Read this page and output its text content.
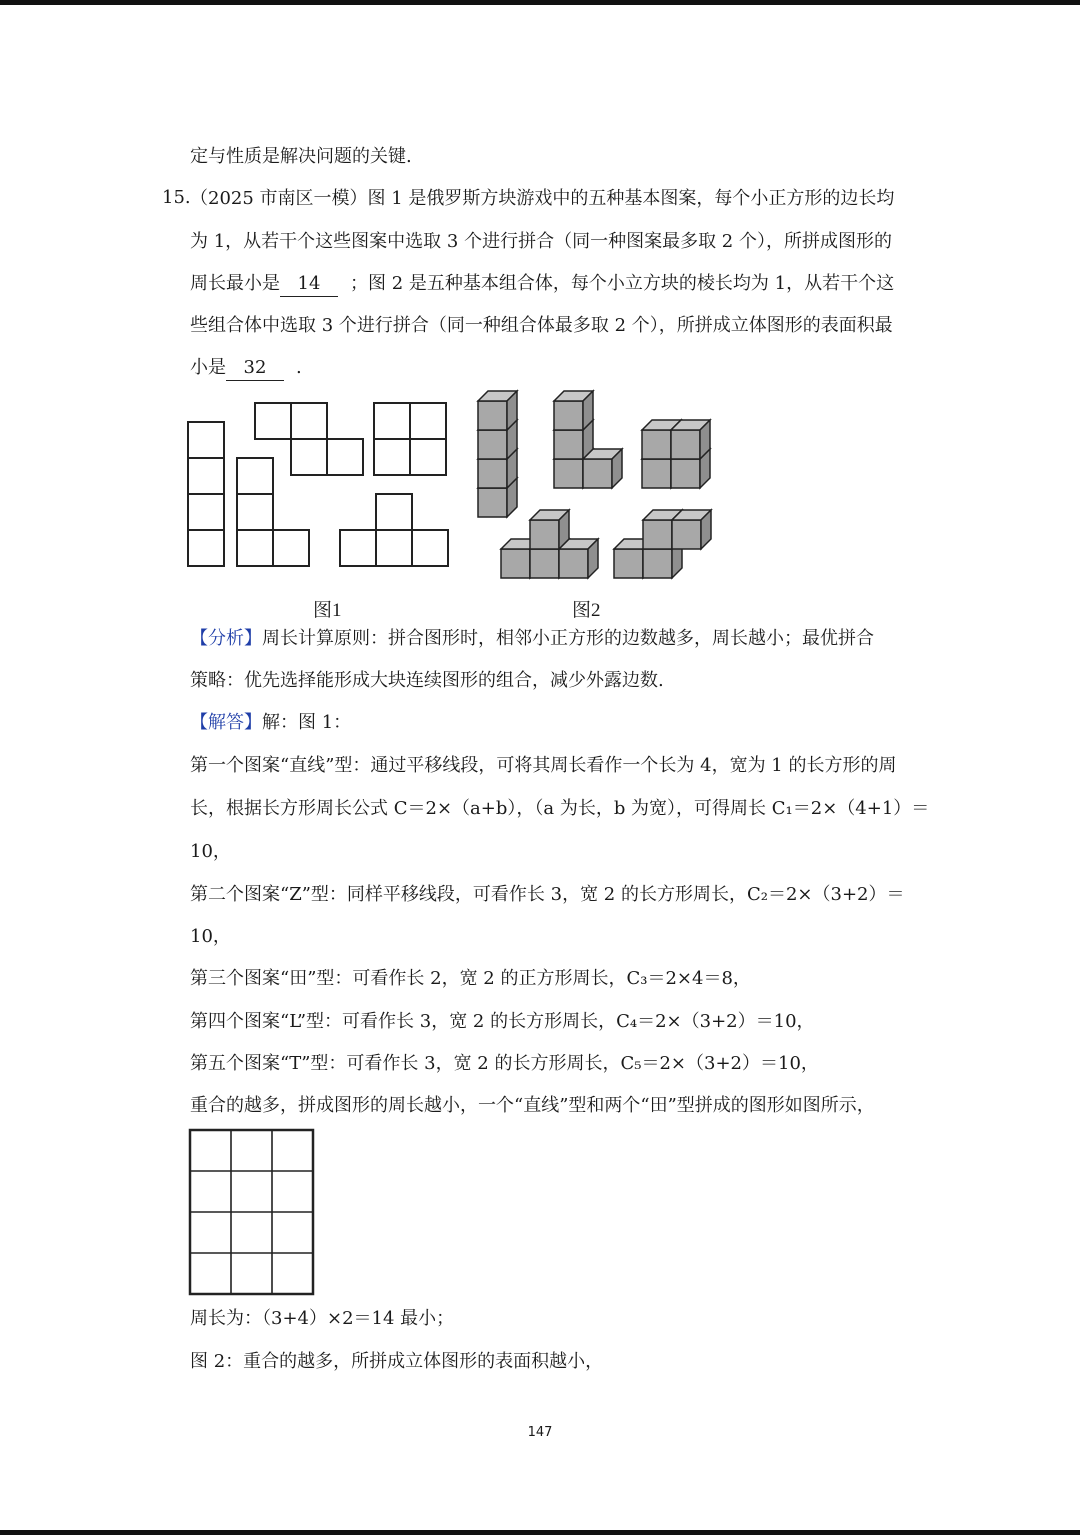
定与性质是解决问题的关键.
15. （2025 市南区一模）图 1 是俄罗斯方块游戏中的五种基本图案，每个小正方形的边长均
为 1，从若干个这些图案中选取 3 个进行拼合（同一种图案最多取 2 个），所拼成图形的
周长最小是 14 ；图 2 是五种基本组合体，每个小立方块的棱长均为 1，从若干个这
些组合体中选取 3 个进行拼合（同一种组合体最多取 2 个），所拼成立体图形的表面积最
小是 32 .
图1	图2
【分析】周长计算原则：拼合图形时，相邻小正方形的边数越多，周长越小；最优拼合
策略：优先选择能形成大块连续图形的组合，减少外露边数.
【解答】解：图 1：
第一个图案“直线”型：通过平移线段，可将其周长看作一个长为 4，宽为 1 的长方形的周
长，根据长方形周长公式 C＝2×（a+b），（a 为长，b 为宽），可得周长 C₁＝2×（4+1）＝
10，
第二个图案“Z”型：同样平移线段，可看作长 3，宽 2 的长方形周长，C₂＝2×（3+2）＝
10，
第三个图案“田”型：可看作长 2，宽 2 的正方形周长，C₃＝2×4＝8，
第四个图案“L”型：可看作长 3，宽 2 的长方形周长，C₄＝2×（3+2）＝10，
第五个图案“T”型：可看作长 3，宽 2 的长方形周长，C₅＝2×（3+2）＝10，
重合的越多，拼成图形的周长越小，一个“直线”型和两个“田”型拼成的图形如图所示，
周长为：（3+4）×2＝14 最小；
图 2：重合的越多，所拼成立体图形的表面积越小，
147
